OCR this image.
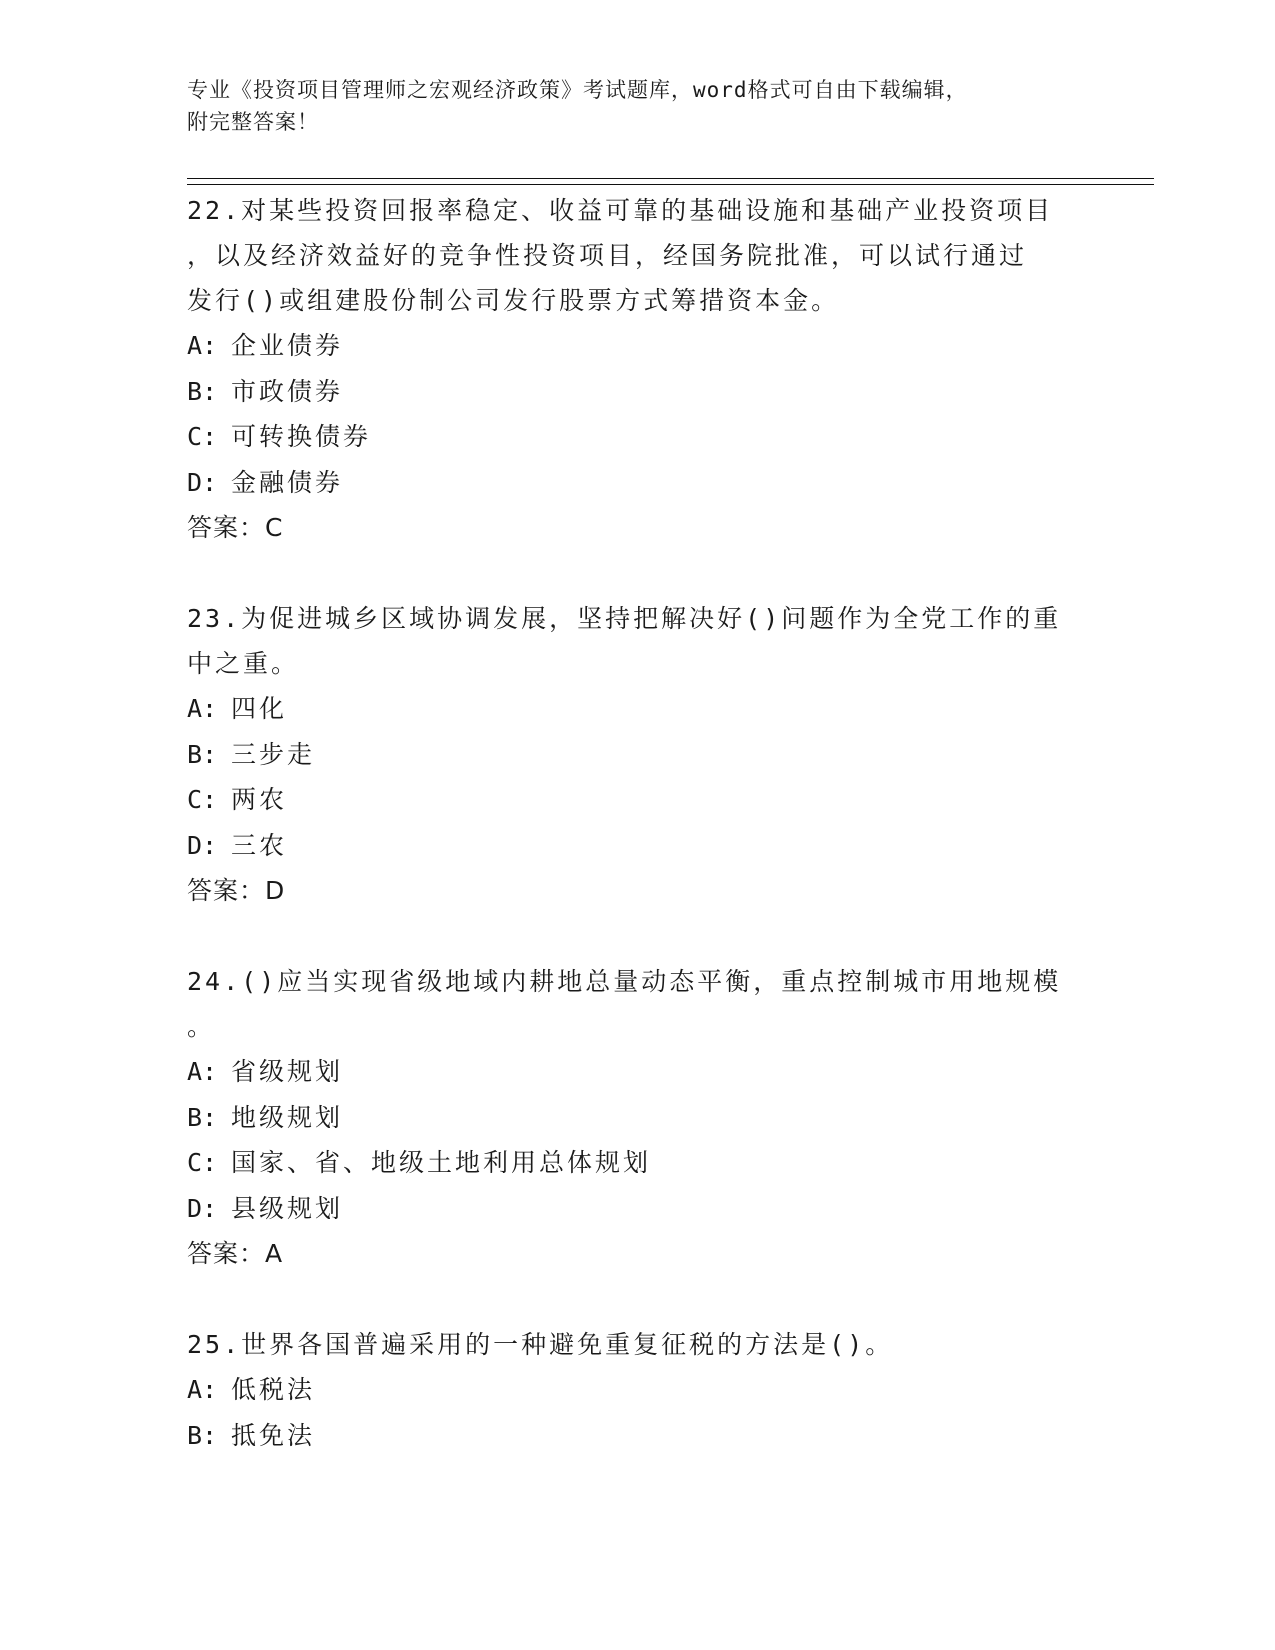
专业《投资项目管理师之宏观经济政策》考试题库，word格式可自由下载编辑，
附完整答案！

22.对某些投资回报率稳定、收益可靠的基础设施和基础产业投资项目

，以及经济效益好的竞争性投资项目，经国务院批准，可以试行通过

发行()或组建股份制公司发行股票方式筹措资本金。

A: 企业债券

B: 市政债券

C: 可转换债券

D: 金融债券

答案：C

23.为促进城乡区域协调发展，坚持把解决好()问题作为全党工作的重

中之重。

A: 四化

B: 三步走

C: 两农

D: 三农

答案：D

24.()应当实现省级地域内耕地总量动态平衡，重点控制城市用地规模

。

A: 省级规划

B: 地级规划

C: 国家、省、地级土地利用总体规划

D: 县级规划

答案：A

25.世界各国普遍采用的一种避免重复征税的方法是()。

A: 低税法

B: 抵免法
